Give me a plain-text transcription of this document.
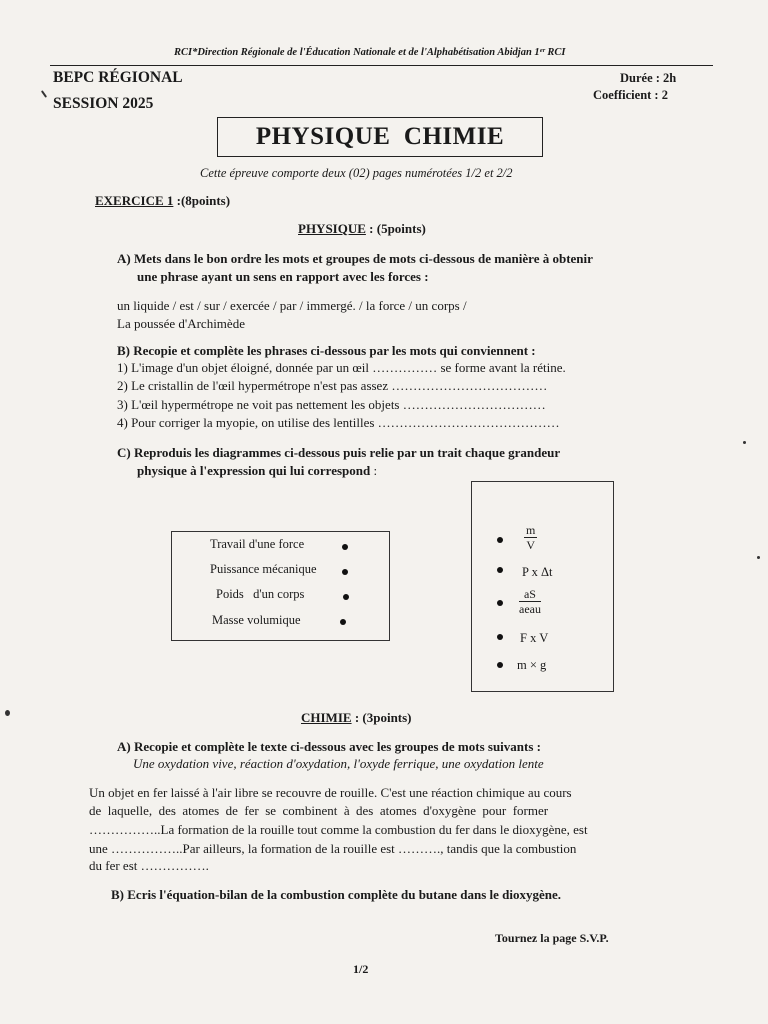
RCI*Direction Régionale de l'Éducation Nationale et de l'Alphabétisation Abidjan 1ᵉʳ RCI
BEPC RÉGIONAL
SESSION 2025
Durée : 2h
Coefficient : 2
PHYSIQUE  CHIMIE
Cette épreuve comporte deux (02) pages numérotées 1/2 et 2/2
EXERCICE 1 :(8points)
PHYSIQUE : (5points)
A) Mets dans le bon ordre les mots et groupes de mots ci-dessous de manière à obtenir
une phrase ayant un sens en rapport avec les forces :
un liquide / est / sur / exercée / par / immergé. / la force / un corps /
La poussée d'Archimède
B) Recopie et complète les phrases ci-dessous par les mots qui conviennent :
1) L'image d'un objet éloigné, donnée par un œil …………… se forme avant la rétine.
2) Le cristallin de l'œil hypermétrope n'est pas assez ………………………………
3) L'œil hypermétrope ne voit pas nettement les objets ……………………………
4) Pour corriger la myopie, on utilise des lentilles ……………………………………
C) Reproduis les diagrammes ci-dessous puis relie par un trait chaque grandeur
physique à l'expression qui lui correspond :
Travail d'une force
Puissance mécanique
Poids   d'un corps
Masse volumique
$\frac{m}{V}$
P x Δt
aS
aeau
F x V
m × g
CHIMIE : (3points)
A) Recopie et complète le texte ci-dessous avec les groupes de mots suivants :
Une oxydation vive, réaction d'oxydation, l'oxyde ferrique, une oxydation lente
Un objet en fer laissé à l'air libre se recouvre de rouille. C'est une réaction chimique au cours
de laquelle, des atomes de fer se combinent à des atomes d'oxygène pour former
……………..La formation de la rouille tout comme la combustion du fer dans le dioxygène, est
une ……………..Par ailleurs, la formation de la rouille est ………., tandis que la combustion
du fer est …………….
B) Ecris l'équation-bilan de la combustion complète du butane dans le dioxygène.
Tournez la page S.V.P.
1/2
